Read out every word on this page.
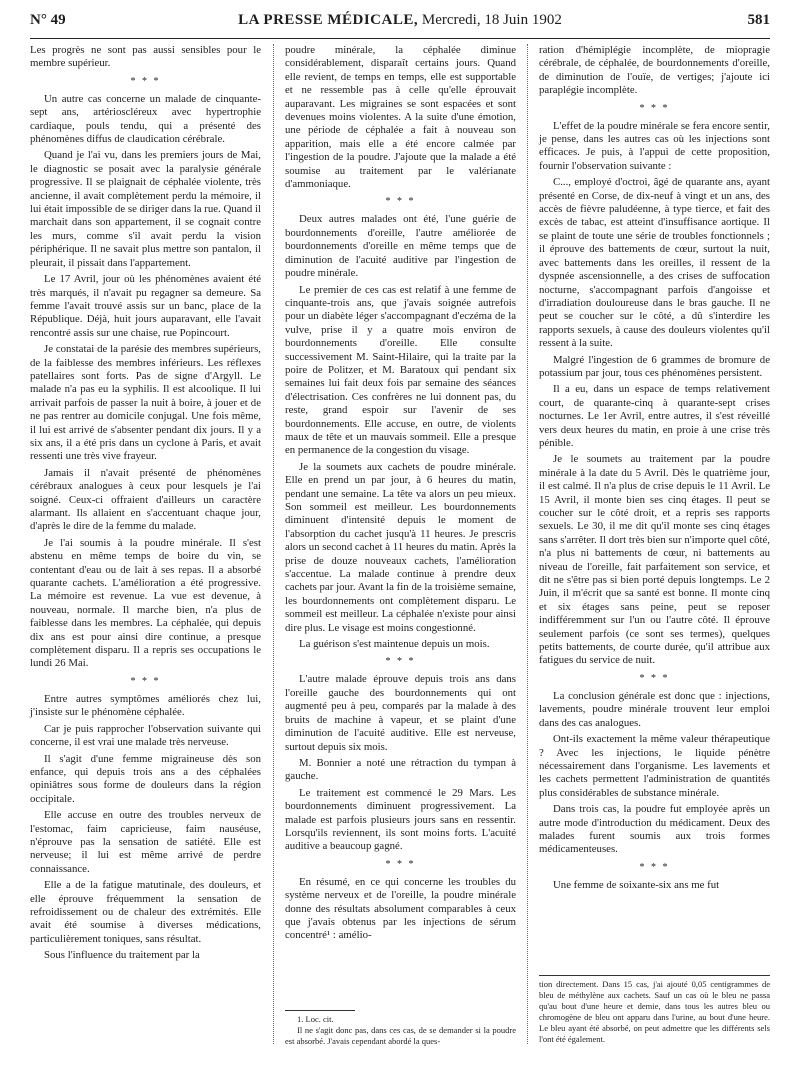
N° 49	LA PRESSE MÉDICALE, Mercredi, 18 Juin 1902	581

Les progrès ne sont pas aussi sensibles pour le membre supérieur.

* * *

Un autre cas concerne un malade de cinquante-sept ans, artérioscléreux avec hypertrophie cardiaque, pouls tendu, qui a présenté des phénomènes diffus de claudication cérébrale.

Quand je l'ai vu, dans les premiers jours de Mai, le diagnostic se posait avec la paralysie générale progressive. Il se plaignait de céphalée violente, très ancienne, il avait complètement perdu la mémoire, il lui était impossible de se diriger dans la rue. Quand il marchait dans son appartement, il se cognait contre les murs, comme s'il avait perdu la vision périphérique. Il ne savait plus mettre son pantalon, il pleurait, il pissait dans l'appartement.

Le 17 Avril, jour où les phénomènes avaient été très marqués, il n'avait pu regagner sa demeure. Sa femme l'avait trouvé assis sur un banc, place de la République. Déjà, huit jours auparavant, elle l'avait rencontré assis sur une chaise, rue Popincourt.

Je constatai de la parésie des membres supérieurs, de la faiblesse des membres inférieurs. Les réflexes patellaires sont forts. Pas de signe d'Argyll. Le malade n'a pas eu la syphilis. Il est alcoolique. Il lui arrivait parfois de passer la nuit à boire, à jouer et de ne pas rentrer au domicile conjugal. Une fois même, il lui est arrivé de s'absenter pendant dix jours. Il y a six ans, il a été pris dans un cyclone à Paris, et avait ressenti une très vive frayeur.

Jamais il n'avait présenté de phénomènes cérébraux analogues à ceux pour lesquels je l'ai soigné. Ceux-ci offraient d'ailleurs un caractère alarmant. Ils allaient en s'accentuant chaque jour, d'après le dire de la femme du malade.

Je l'ai soumis à la poudre minérale. Il s'est abstenu en même temps de boire du vin, se contentant d'eau ou de lait à ses repas. Il a absorbé quarante cachets. L'amélioration a été progressive. La mémoire est revenue. La vue est devenue, à nouveau, normale. Il marche bien, n'a plus de faiblesse dans les membres. La céphalée, qui depuis dix ans est pour ainsi dire continue, a presque complètement disparu. Il a repris ses occupations le lundi 26 Mai.

* * *

Entre autres symptômes améliorés chez lui, j'insiste sur le phénomène céphalée.

Car je puis rapprocher l'observation suivante qui concerne, il est vrai une malade très nerveuse.

Il s'agit d'une femme migraineuse dès son enfance, qui depuis trois ans a des céphalées opiniâtres sous forme de douleurs dans la région occipitale.

Elle accuse en outre des troubles nerveux de l'estomac, faim capricieuse, faim nauséuse, n'éprouve pas la sensation de satiété. Elle est nerveuse; il lui est même arrivé de perdre connaissance.

Elle a de la fatigue matutinale, des douleurs, et elle éprouve fréquemment la sensation de refroidissement ou de chaleur des extrémités. Elle avait été soumise à diverses médications, particulièrement toniques, sans résultat.

Sous l'influence du traitement par la

poudre minérale, la céphalée diminue considérablement, disparaît certains jours. Quand elle revient, de temps en temps, elle est supportable et ne ressemble pas à celle qu'elle éprouvait auparavant. Les migraines se sont espacées et sont devenues moins violentes. A la suite d'une émotion, une période de céphalée a fait à nouveau son apparition, mais elle a été encore calmée par l'ingestion de la poudre. J'ajoute que la malade a été soumise au traitement par le valérianate d'ammoniaque.

* * *

Deux autres malades ont été, l'une guérie de bourdonnements d'oreille, l'autre améliorée de bourdonnements d'oreille en même temps que de diminution de l'acuité auditive par l'ingestion de poudre minérale.

Le premier de ces cas est relatif à une femme de cinquante-trois ans, que j'avais soignée autrefois pour un diabète léger s'accompagnant d'eczéma de la vulve, prise il y a quatre mois environ de bourdonnements d'oreille. Elle consulte successivement M. Saint-Hilaire, qui la traite par la poire de Politzer, et M. Baratoux qui pendant six semaines lui fait deux fois par semaine des séances d'électrisation. Ces confrères ne lui donnent pas, du reste, grand espoir sur l'avenir de ses bourdonnements. Elle accuse, en outre, de violents maux de tête et un mauvais sommeil. Elle a presque en permanence de la congestion du visage.

Je la soumets aux cachets de poudre minérale. Elle en prend un par jour, à 6 heures du matin, pendant une semaine. La tête va alors un peu mieux. Son sommeil est meilleur. Les bourdonnements diminuent d'intensité depuis le moment de l'absorption du cachet jusqu'à 11 heures. Je prescris alors un second cachet à 11 heures du matin. Après la prise de douze nouveaux cachets, l'amélioration s'accentue. La malade continue à prendre deux cachets par jour. Avant la fin de la troisième semaine, les bourdonnements ont complètement disparu. Le sommeil est meilleur. La céphalée n'existe pour ainsi dire plus. Le visage est moins congestionné.

La guérison s'est maintenue depuis un mois.

* * *

L'autre malade éprouve depuis trois ans dans l'oreille gauche des bourdonnements qui ont augmenté peu à peu, comparés par la malade à des bruits de machine à vapeur, et se plaint d'une diminution de l'acuité auditive. Elle est nerveuse, surtout depuis six mois.

M. Bonnier a noté une rétraction du tympan à gauche.

Le traitement est commencé le 29 Mars. Les bourdonnements diminuent progressivement. La malade est parfois plusieurs jours sans en ressentir. Lorsqu'ils reviennent, ils sont moins forts. L'acuité auditive a beaucoup gagné.

* * *

En résumé, en ce qui concerne les troubles du système nerveux et de l'oreille, la poudre minérale donne des résultats absolument comparables à ceux que j'avais obtenus par les injections de sérum concentré¹ : amélio-

1. Loc. cit.

Il ne s'agit donc pas, dans ces cas, de se demander si la poudre est absorbé. J'avais cependant abordé la ques-

ration d'hémiplégie incomplète, de miopragie cérébrale, de céphalée, de bourdonnements d'oreille, de diminution de l'ouïe, de vertiges; j'ajoute ici paraplégie incomplète.

* * *

L'effet de la poudre minérale se fera encore sentir, je pense, dans les autres cas où les injections sont efficaces. Je puis, à l'appui de cette proposition, fournir l'observation suivante :

C..., employé d'octroi, âgé de quarante ans, ayant présenté en Corse, de dix-neuf à vingt et un ans, des accès de fièvre paludéenne, à type tierce, et fait des excès de tabac, est atteint d'insuffisance aortique. Il se plaint de toute une série de troubles fonctionnels ; il éprouve des battements de cœur, surtout la nuit, avec battements dans les oreilles, il ressent de la dyspnée ascensionnelle, a des crises de suffocation nocturne, s'accompagnant parfois d'angoisse et d'irradiation douloureuse dans le bras gauche. Il ne peut se coucher sur le côté, a dû s'interdire les rapports sexuels, à cause des douleurs violentes qu'il ressent à la suite.

Malgré l'ingestion de 6 grammes de bromure de potassium par jour, tous ces phénomènes persistent.

Il a eu, dans un espace de temps relativement court, de quarante-cinq à quarante-sept crises nocturnes. Le 1er Avril, entre autres, il s'est réveillé vers deux heures du matin, en proie à une crise très pénible.

Je le soumets au traitement par la poudre minérale à la date du 5 Avril. Dès le quatrième jour, il est calmé. Il n'a plus de crise depuis le 11 Avril. Le 15 Avril, il monte bien ses cinq étages. Il peut se coucher sur le côté droit, et a repris ses rapports sexuels. Le 30, il me dit qu'il monte ses cinq étages sans s'arrêter. Il dort très bien sur n'importe quel côté, n'a plus ni battements de cœur, ni battements au niveau de l'oreille, fait parfaitement son service, et dit ne s'être pas si bien porté depuis longtemps. Le 2 Juin, il m'écrit que sa santé est bonne. Il monte cinq et six étages sans peine, peut se reposer indifféremment sur l'un ou l'autre côté. Il éprouve seulement parfois (ce sont ses termes), quelques petits battements, de courte durée, qu'il attribue aux fatigues du service de nuit.

* * *

La conclusion générale est donc que : injections, lavements, poudre minérale trouvent leur emploi dans des cas analogues.

Ont-ils exactement la même valeur thérapeutique ? Avec les injections, le liquide pénètre nécessairement dans l'organisme. Les lavements et les cachets permettent l'administration de quantités plus considérables de substance minérale.

Dans trois cas, la poudre fut employée après un autre mode d'introduction du médicament. Deux des malades furent soumis aux trois formes médicamenteuses.

* * *

Une femme de soixante-six ans me fut

tion directement. Dans 15 cas, j'ai ajouté 0,05 centigrammes de bleu de méthylène aux cachets. Sauf un cas où le bleu ne passa qu'au bout d'une heure et demie, dans tous les autres bleu ou chromogène de bleu ont apparu dans l'urine, au bout d'une heure. Le bleu ayant été absorbé, on peut admettre que les différents sels l'ont été également.
